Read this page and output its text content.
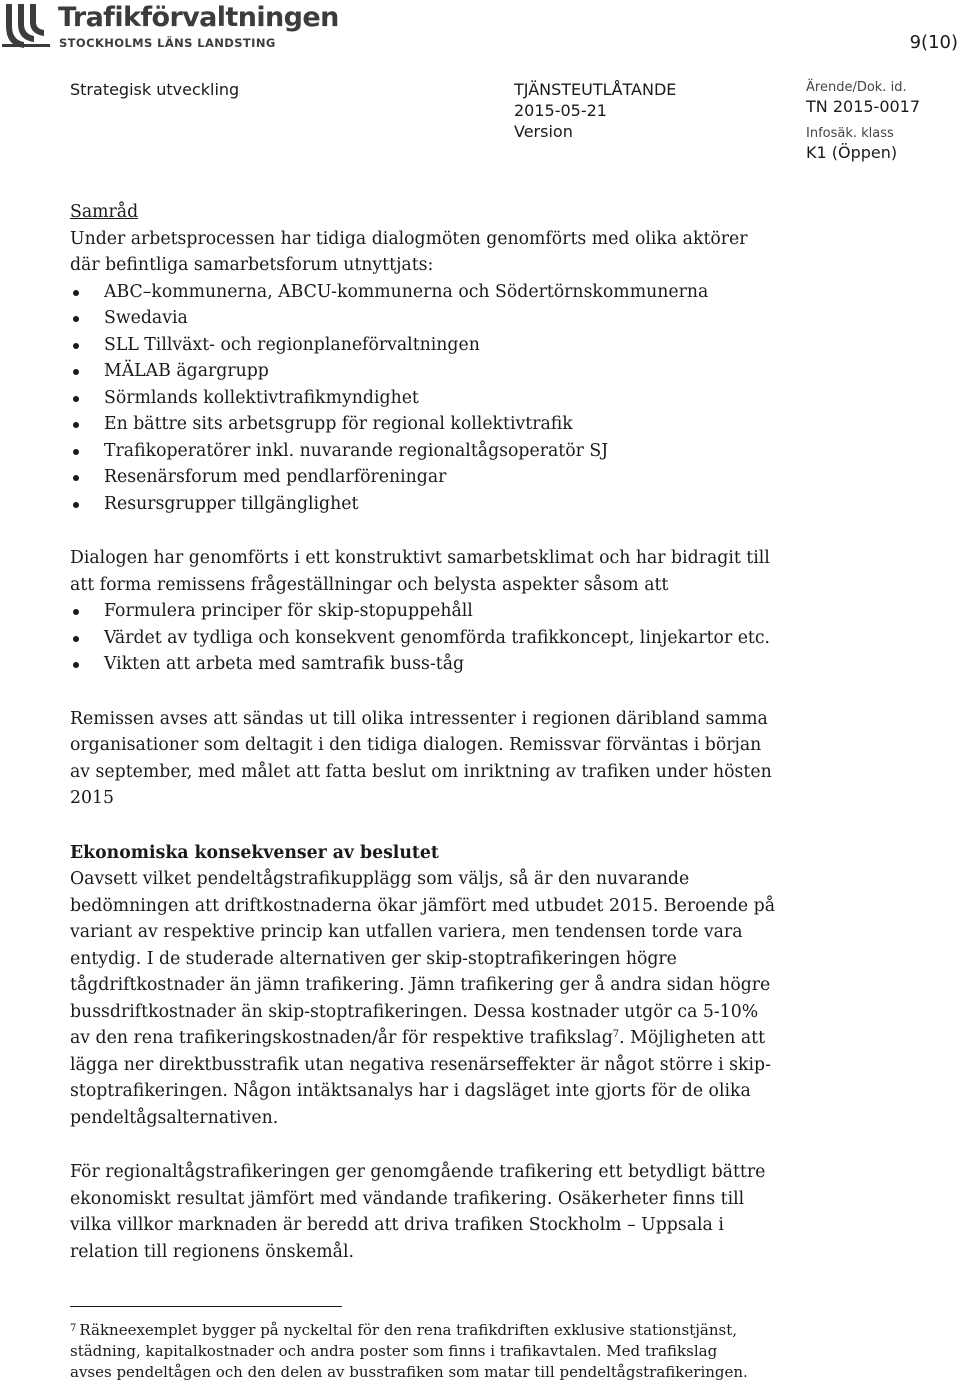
Trafikförvaltningen
STOCKHOLMS LÄNS LANDSTING	9(10)
Strategisk utveckling	TJÄNSTEUTLÅTANDE
2015-05-21
Version
Ärende/Dok. id.
TN 2015-0017
Infosäk. klass
K1 (Öppen)

Samråd

Under arbetsprocessen har tidiga dialogmöten genomförts med olika aktörer

där befintliga samarbetsforum utnyttjats:

ABC–kommunerna, ABCU-kommunerna och Södertörnskommunerna
Swedavia
SLL Tillväxt- och regionplaneförvaltningen
MÄLAB ägargrupp
Sörmlands kollektivtrafikmyndighet
En bättre sits arbetsgrupp för regional kollektivtrafik
Trafikoperatörer inkl. nuvarande regionaltågsoperatör SJ
Resenärsforum med pendlarföreningar
Resursgrupper tillgänglighet

Dialogen har genomförts i ett konstruktivt samarbetsklimat och har bidragit till

att forma remissens frågeställningar och belysta aspekter såsom att

Formulera principer för skip-stopuppehåll
Värdet av tydliga och konsekvent genomförda trafikkoncept, linjekartor etc.
Vikten att arbeta med samtrafik buss-tåg

Remissen avses att sändas ut till olika intressenter i regionen däribland samma

organisationer som deltagit i den tidiga dialogen. Remissvar förväntas i början

av september, med målet att fatta beslut om inriktning av trafiken under hösten

2015

Ekonomiska konsekvenser av beslutet

Oavsett vilket pendeltågstrafikupplägg som väljs, så är den nuvarande

bedömningen att driftkostnaderna ökar jämfört med utbudet 2015. Beroende på

variant av respektive princip kan utfallen variera, men tendensen torde vara

entydig. I de studerade alternativen ger skip-stoptrafikeringen högre

tågdriftkostnader än jämn trafikering. Jämn trafikering ger å andra sidan högre

bussdriftkostnader än skip-stoptrafikeringen. Dessa kostnader utgör ca 5-10%

av den rena trafikeringskostnaden/år för respektive trafikslag$^7$. Möjligheten att

lägga ner direktbusstrafik utan negativa resenärseffekter är något större i skip-

stoptrafikeringen. Någon intäktsanalys har i dagsläget inte gjorts för de olika

pendeltågsalternativen.

För regionaltågstrafikeringen ger genomgående trafikering ett betydligt bättre

ekonomiskt resultat jämfört med vändande trafikering. Osäkerheter finns till

vilka villkor marknaden är beredd att driva trafiken Stockholm – Uppsala i

relation till regionens önskemål.

$^7$ Räkneexemplet bygger på nyckeltal för den rena trafikdriften exklusive stationstjänst,

städning, kapitalkostnader och andra poster som finns i trafikavtalen. Med trafikslag

avses pendeltågen och den delen av busstrafiken som matar till pendeltågstrafikeringen.
